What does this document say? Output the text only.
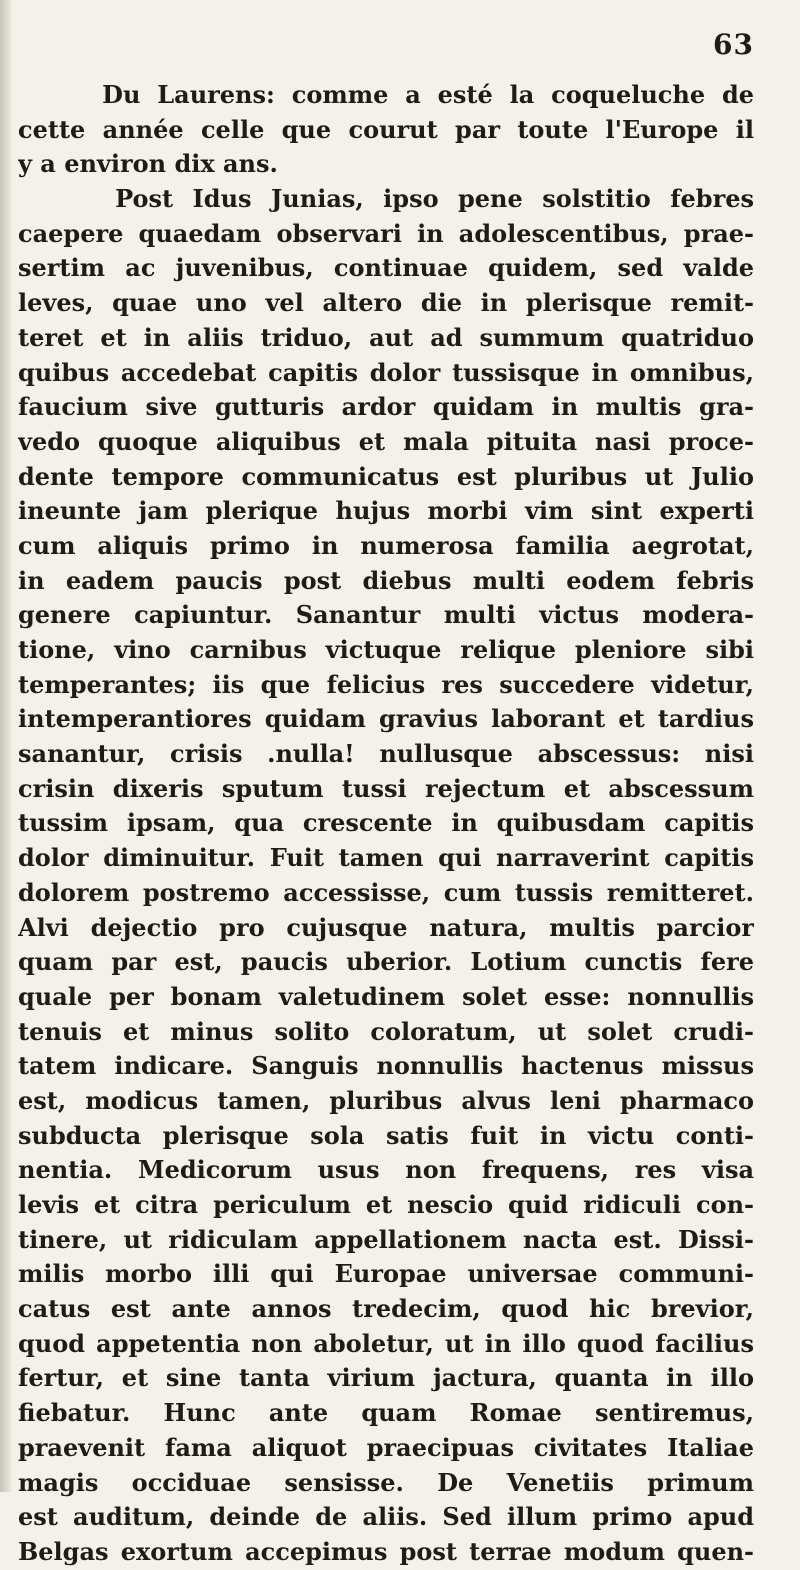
63
Du Laurens: comme a esté la coqueluche de
cette année celle que courut par toute l'Europe il
y a environ dix ans.
Post Idus Junias, ipso pene solstitio febres
caepere quaedam observari in adolescentibus, prae-
sertim ac juvenibus, continuae quidem, sed valde
leves, quae uno vel altero die in plerisque remit-
teret et in aliis triduo, aut ad summum quatriduo
quibus accedebat capitis dolor tussisque in omnibus,
faucium sive gutturis ardor quidam in multis gra-
vedo quoque aliquibus et mala pituita nasi proce-
dente tempore communicatus est pluribus ut Julio
ineunte jam plerique hujus morbi vim sint experti
cum aliquis primo in numerosa familia aegrotat,
in eadem paucis post diebus multi eodem febris
genere capiuntur. Sanantur multi victus modera-
tione, vino carnibus victuque relique pleniore sibi
temperantes; iis que felicius res succedere videtur,
intemperantiores quidam gravius laborant et tardius
sanantur, crisis .nulla! nullusque abscessus: nisi
crisin dixeris sputum tussi rejectum et abscessum
tussim ipsam, qua crescente in quibusdam capitis
dolor diminuitur. Fuit tamen qui narraverint capitis
dolorem postremo accessisse, cum tussis remitteret.
Alvi dejectio pro cujusque natura, multis parcior
quam par est, paucis uberior. Lotium cunctis fere
quale per bonam valetudinem solet esse: nonnullis
tenuis et minus solito coloratum, ut solet crudi-
tatem indicare. Sanguis nonnullis hactenus missus
est, modicus tamen, pluribus alvus leni pharmaco
subducta plerisque sola satis fuit in victu conti-
nentia. Medicorum usus non frequens, res visa
levis et citra periculum et nescio quid ridiculi con-
tinere, ut ridiculam appellationem nacta est. Dissi-
milis morbo illi qui Europae universae communi-
catus est ante annos tredecim, quod hic brevior,
quod appetentia non aboletur, ut in illo quod facilius
fertur, et sine tanta virium jactura, quanta in illo
fiebatur. Hunc ante quam Romae sentiremus,
praevenit fama aliquot praecipuas civitates Italiae
magis occiduae sensisse. De Venetiis primum
est auditum, deinde de aliis. Sed illum primo apud
Belgas exortum accepimus post terrae modum quen-
